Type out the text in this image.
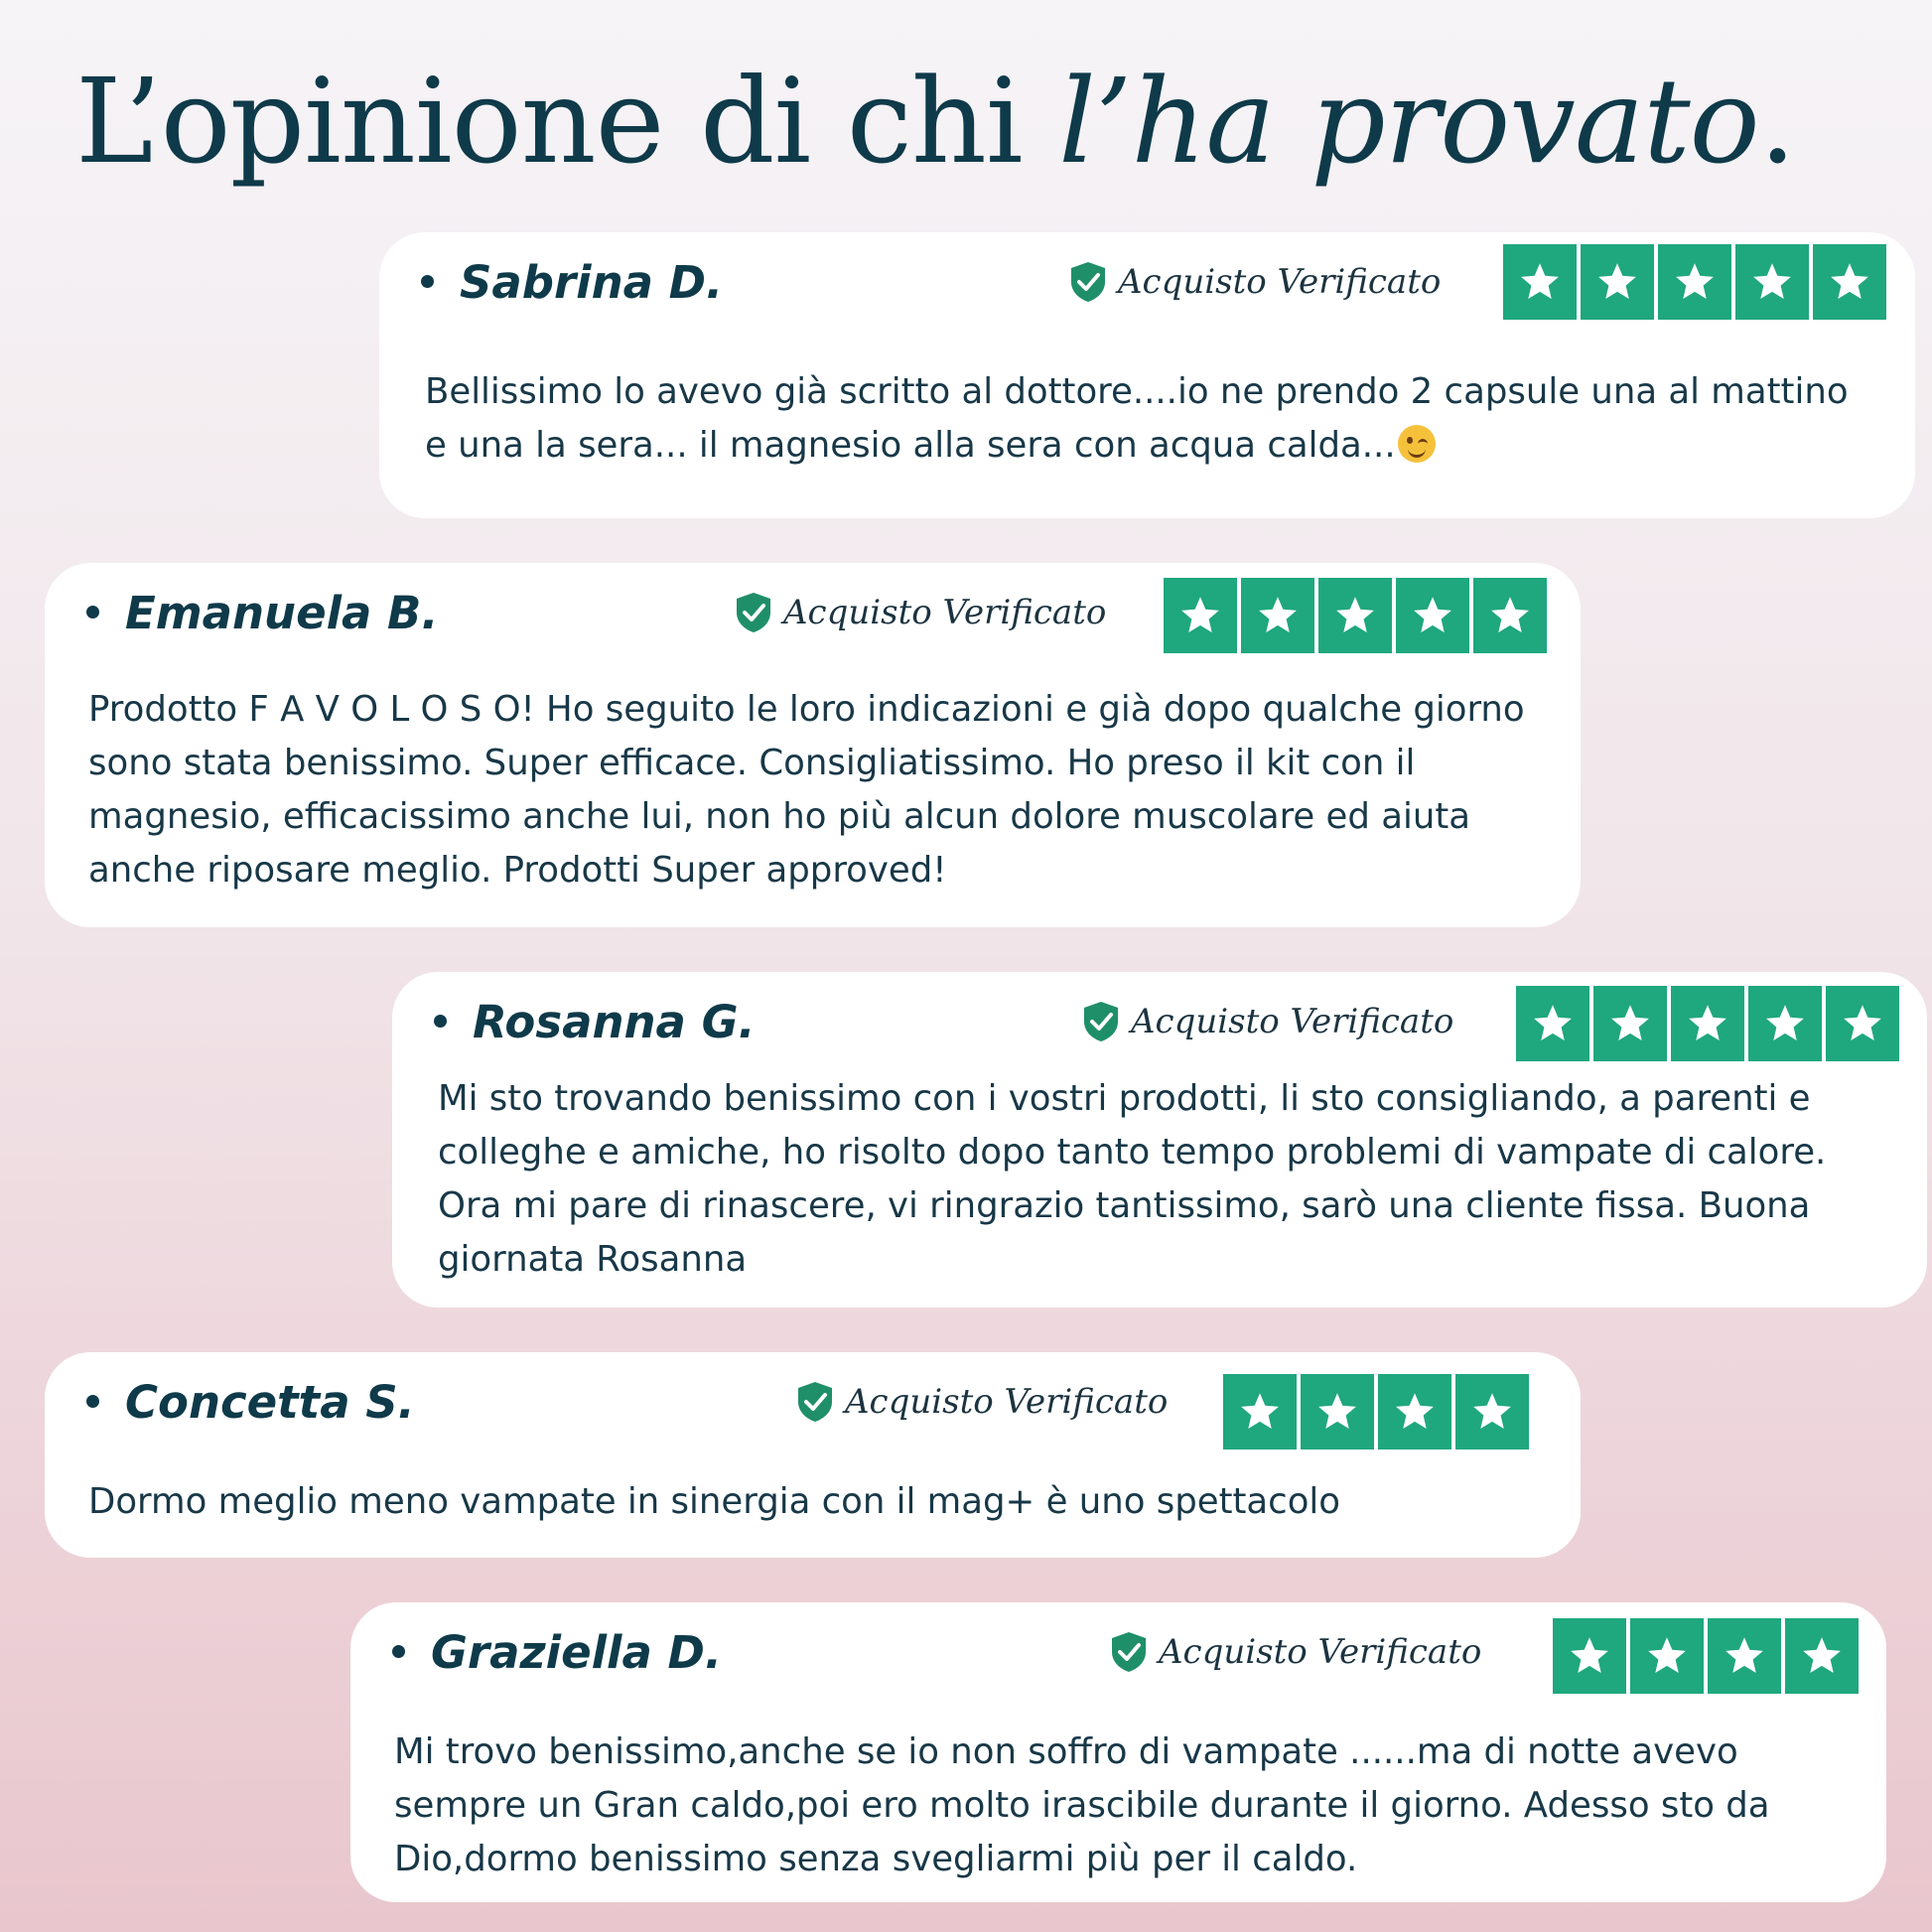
L’opinione di chi l’ha provato.
Sabrina D.	Acquisto Verificato

Bellissimo lo avevo già scritto al dottore....io ne prendo 2 capsule una al mattino e una la sera... il magnesio alla sera con acqua calda...

Emanuela B.	Acquisto Verificato

Prodotto F A V O L O S O! Ho seguito le loro indicazioni e già dopo qualche giorno sono stata benissimo. Super efficace. Consigliatissimo. Ho preso il kit con il magnesio, efficacissimo anche lui, non ho più alcun dolore muscolare ed aiuta anche riposare meglio. Prodotti Super approved!

Rosanna G.	Acquisto Verificato

Mi sto trovando benissimo con i vostri prodotti, li sto consigliando, a parenti e colleghe e amiche, ho risolto dopo tanto tempo problemi di vampate di calore. Ora mi pare di rinascere, vi ringrazio tantissimo, sarò una cliente fissa. Buona giornata Rosanna

Concetta S.	Acquisto Verificato

Dormo meglio meno vampate in sinergia con il mag+ è uno spettacolo

Graziella D.	Acquisto Verificato

Mi trovo benissimo,anche se io non soffro di vampate ......ma di notte avevo sempre un Gran caldo,poi ero molto irascibile durante il giorno. Adesso sto da Dio,dormo benissimo senza svegliarmi più per il caldo.
